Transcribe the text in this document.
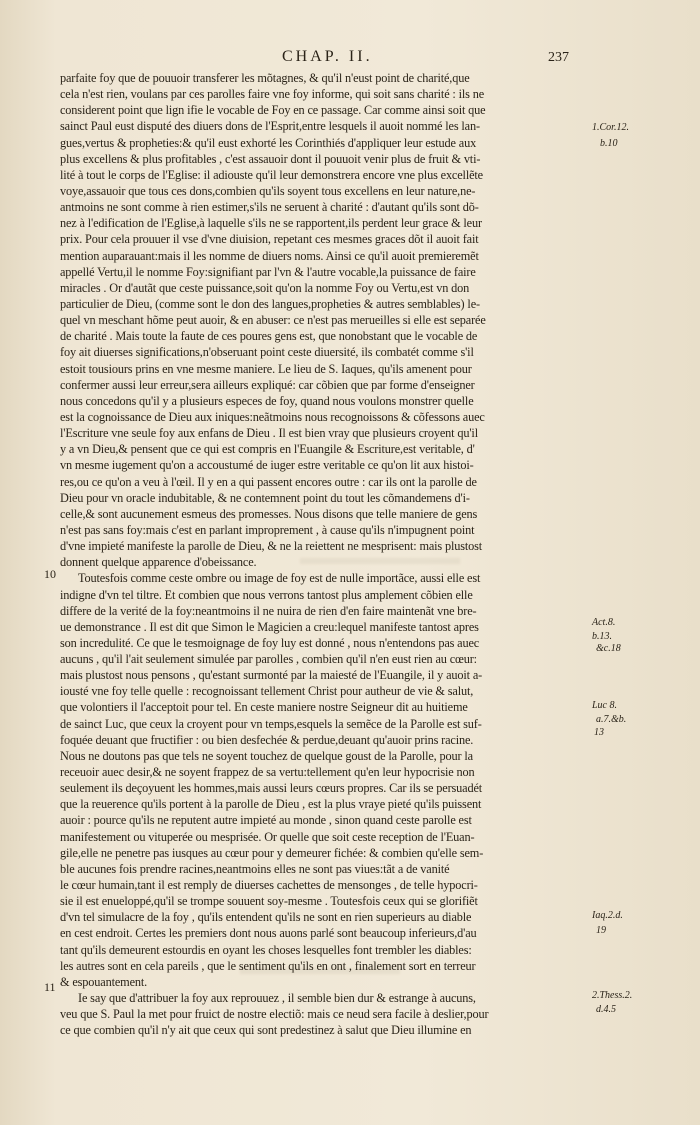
CHAP. II.	237
10
11
parfaite foy que de pouuoir transferer les mõtagnes, & qu'il n'eust point de charité,que
cela n'est rien, voulans par ces parolles faire vne foy informe, qui soit sans charité : ils ne
considerent point que lign ifie le vocable de Foy en ce passage. Car comme ainsi soit que
sainct Paul eust disputé des diuers dons de l'Esprit,entre lesquels il auoit nommé les lan-
gues,vertus & propheties:& qu'il eust exhorté les Corinthiés d'appliquer leur estude aux
plus excellens & plus profitables , c'est assauoir dont il pouuoit venir plus de fruit & vti-
lité à tout le corps de l'Eglise: il adiouste qu'il leur demonstrera encore vne plus excellẽte
voye,assauoir que tous ces dons,combien qu'ils soyent tous excellens en leur nature,ne-
antmoins ne sont comme à rien estimer,s'ils ne seruent à charité : d'autant qu'ils sont dõ-
nez à l'edification de l'Eglise,à laquelle s'ils ne se rapportent,ils perdent leur grace & leur
prix. Pour cela prouuer il vse d'vne diuision, repetant ces mesmes graces dõt il auoit fait
mention auparauant:mais il les nomme de diuers noms. Ainsi ce qu'il auoit premieremẽt
appellé Vertu,il le nomme Foy:signifiant par l'vn & l'autre vocable,la puissance de faire
miracles . Or d'autãt que ceste puissance,soit qu'on la nomme Foy ou Vertu,est vn don
particulier de Dieu, (comme sont le don des langues,propheties & autres semblables) le-
quel vn meschant hõme peut auoir, & en abuser: ce n'est pas merueilles si elle est separée
de charité . Mais toute la faute de ces poures gens est, que nonobstant que le vocable de
foy ait diuerses significations,n'obseruant point ceste diuersité, ils combatét comme s'il
estoit tousiours prins en vne mesme maniere. Le lieu de S. Iaques, qu'ils amenent pour
confermer aussi leur erreur,sera ailleurs expliqué: car cõbien que par forme d'enseigner
nous concedons qu'il y a plusieurs especes de foy, quand nous voulons monstrer quelle
est la cognoissance de Dieu aux iniques:neãtmoins nous recognoissons & cõfessons auec
l'Escriture vne seule foy aux enfans de Dieu . Il est bien vray que plusieurs croyent qu'il
y a vn Dieu,& pensent que ce qui est compris en l'Euangile & Escriture,est veritable, d'
vn mesme iugement qu'on a accoustumé de iuger estre veritable ce qu'on lit aux histoi-
res,ou ce qu'on a veu à l'œil. Il y en a qui passent encores outre : car ils ont la parolle de
Dieu pour vn oracle indubitable, & ne contemnent point du tout les cõmandemens d'i-
celle,& sont aucunement esmeus des promesses. Nous disons que telle maniere de gens
n'est pas sans foy:mais c'est en parlant improprement , à cause qu'ils n'impugnent point
d'vne impieté manifeste la parolle de Dieu, & ne la reiettent ne mesprisent: mais plustost
donnent quelque apparence d'obeissance.
Toutesfois comme ceste ombre ou image de foy est de nulle importãce, aussi elle est
indigne d'vn tel tiltre. Et combien que nous verrons tantost plus amplement cõbien elle
differe de la verité de la foy:neantmoins il ne nuira de rien d'en faire maintenãt vne bre-
ue demonstrance . Il est dit que Simon le Magicien a creu:lequel manifeste tantost apres
son incredulité. Ce que le tesmoignage de foy luy est donné , nous n'entendons pas auec
aucuns , qu'il l'ait seulement simulée par parolles , combien qu'il n'en eust rien au cœur:
mais plustost nous pensons , qu'estant surmonté par la maiesté de l'Euangile, il y auoit a-
iousté vne foy telle quelle : recognoissant tellement Christ pour autheur de vie & salut,
que volontiers il l'acceptoit pour tel. En ceste maniere nostre Seigneur dit au huitieme
de sainct Luc, que ceux la croyent pour vn temps,esquels la semẽce de la Parolle est suf-
foquée deuant que fructifier : ou bien desfechée & perdue,deuant qu'auoir prins racine.
Nous ne doutons pas que tels ne soyent touchez de quelque goust de la Parolle, pour la
receuoir auec desir,& ne soyent frappez de sa vertu:tellement qu'en leur hypocrisie non
seulement ils deçoyuent les hommes,mais aussi leurs cœurs propres. Car ils se persuadét
que la reuerence qu'ils portent à la parolle de Dieu , est la plus vraye pieté qu'ils puissent
auoir : pource qu'ils ne reputent autre impieté au monde , sinon quand ceste parolle est
manifestement ou vituperée ou mesprisée. Or quelle que soit ceste reception de l'Euan-
gile,elle ne penetre pas iusques au cœur pour y demeurer fichée: & combien qu'elle sem-
ble aucunes fois prendre racines,neantmoins elles ne sont pas viues:tãt a de vanité
le cœur humain,tant il est remply de diuerses cachettes de mensonges , de telle hypocri-
sie il est enueloppé,qu'il se trompe souuent soy-mesme . Toutesfois ceux qui se glorifiẽt
d'vn tel simulacre de la foy , qu'ils entendent qu'ils ne sont en rien superieurs au diable
en cest endroit. Certes les premiers dont nous auons parlé sont beaucoup inferieurs,d'au
tant qu'ils demeurent estourdis en oyant les choses lesquelles font trembler les diables:
les autres sont en cela pareils , que le sentiment qu'ils en ont , finalement sort en terreur
& espouantement.
Ie say que d'attribuer la foy aux reprouuez , il semble bien dur & estrange à aucuns,
veu que S. Paul la met pour fruict de nostre electiõ: mais ce neud sera facile à deslier,pour
ce que combien qu'il n'y ait que ceux qui sont predestinez à salut que Dieu illumine en
1.Cor.12.
b.10
Act.8.
b.13.
&c.18
Luc 8.
a.7.&b.
13
Iaq.2.d.
19
2.Thess.2.
d.4.5
